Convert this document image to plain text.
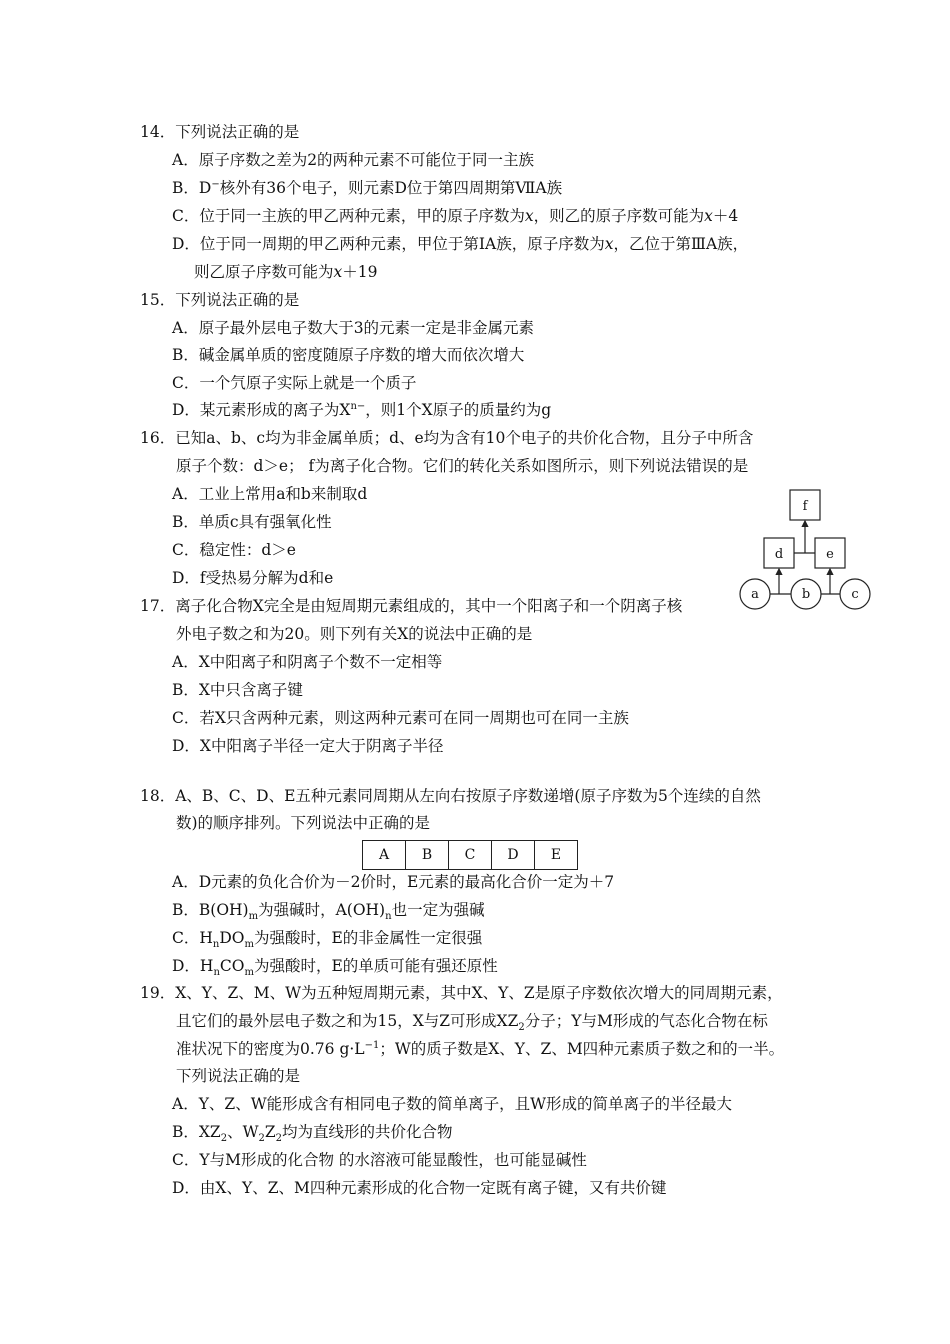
14．下列说法正确的是
A．原子序数之差为2的两种元素不可能位于同一主族
B．D−核外有36个电子，则元素D位于第四周期第ⅦA族
C．位于同一主族的甲乙两种元素，甲的原子序数为x，则乙的原子序数可能为x＋4
D．位于同一周期的甲乙两种元素，甲位于第ⅠA族，原子序数为x，乙位于第ⅢA族，
则乙原子序数可能为x＋19
15．下列说法正确的是
A．原子最外层电子数大于3的元素一定是非金属元素
B．碱金属单质的密度随原子序数的增大而依次增大
C．一个氕原子实际上就是一个质子
D．某元素形成的离子为$X^{n-}$，则1个X原子的质量约为g
16．已知a、b、c均为非金属单质；d、e均为含有10个电子的共价化合物，且分子中所含
原子个数：d＞e； f为离子化合物。它们的转化关系如图所示，则下列说法错误的是
A．工业上常用a和b来制取d
B．单质c具有强氧化性
C．稳定性：d＞e
D．f受热易分解为d和e
f
d	e
a	b	c
17．离子化合物X完全是由短周期元素组成的，其中一个阳离子和一个阴离子核
外电子数之和为20。则下列有关X的说法中正确的是
A．X中阳离子和阴离子个数不一定相等
B．X中只含离子键
C．若X只含两种元素，则这两种元素可在同一周期也可在同一主族
D．X中阳离子半径一定大于阴离子半径
18．A、B、C、D、E五种元素同周期从左向右按原子序数递增(原子序数为5个连续的自然
数)的顺序排列。下列说法中正确的是
A	B	C	D	E
A．D元素的负化合价为－2价时，E元素的最高化合价一定为＋7
B．$B(OH)_m$为强碱时，$A(OH)_n$也一定为强碱
C．$H_nDO_m$为强酸时，E的非金属性一定很强
D．$H_nCO_m$为强酸时，E的单质可能有强还原性
19．X、Y、Z、M、W为五种短周期元素，其中X、Y、Z是原子序数依次增大的同周期元素，
且它们的最外层电子数之和为15，X与Z可形成$XZ_2$分子；Y与M形成的气态化合物在标
准状况下的密度为0.76 $g\cdot L^{-1}$；W的质子数是X、Y、Z、M四种元素质子数之和的一半。
下列说法正确的是
A．Y、Z、W能形成含有相同电子数的简单离子，且W形成的简单离子的半径最大
B．$XZ_2$、$W_2Z_2$均为直线形的共价化合物
C．Y与M形成的化合物 的水溶液可能显酸性，也可能显碱性
D．由X、Y、Z、M四种元素形成的化合物一定既有离子键，又有共价键
